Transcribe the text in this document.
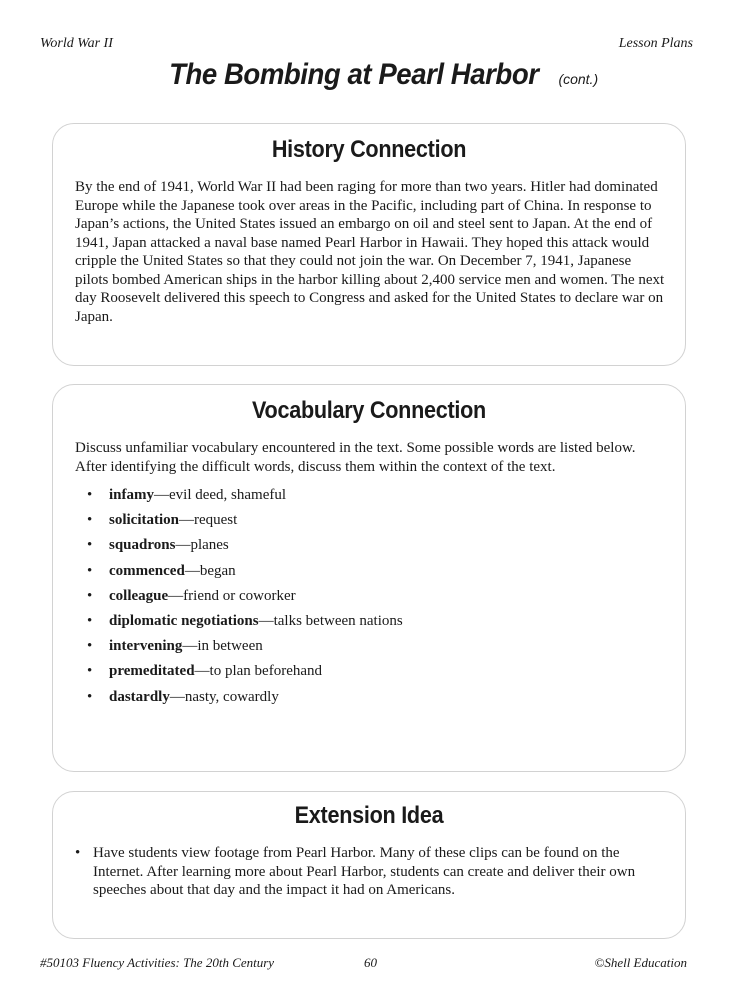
World War II	Lesson Plans
The Bombing at Pearl Harbor (cont.)
History Connection

By the end of 1941, World War II had been raging for more than two years. Hitler had dominated Europe while the Japanese took over areas in the Pacific, including part of China. In response to Japan’s actions, the United States issued an embargo on oil and steel sent to Japan. At the end of 1941, Japan attacked a naval base named Pearl Harbor in Hawaii. They hoped this attack would cripple the United States so that they could not join the war. On December 7, 1941, Japanese pilots bombed American ships in the harbor killing about 2,400 service men and women. The next day Roosevelt delivered this speech to Congress and asked for the United States to declare war on Japan.

Vocabulary Connection

Discuss unfamiliar vocabulary encountered in the text. Some possible words are listed below. After identifying the difficult words, discuss them within the context of the text.

• infamy—evil deed, shameful
• solicitation—request
• squadrons—planes
• commenced—began
• colleague—friend or coworker
• diplomatic negotiations—talks between nations
• intervening—in between
• premeditated—to plan beforehand
• dastardly—nasty, cowardly
Extension Idea
• Have students view footage from Pearl Harbor. Many of these clips can be found on the Internet. After learning more about Pearl Harbor, students can create and deliver their own speeches about that day and the impact it had on Americans.
#50103 Fluency Activities: The 20th Century	60	©Shell Education
